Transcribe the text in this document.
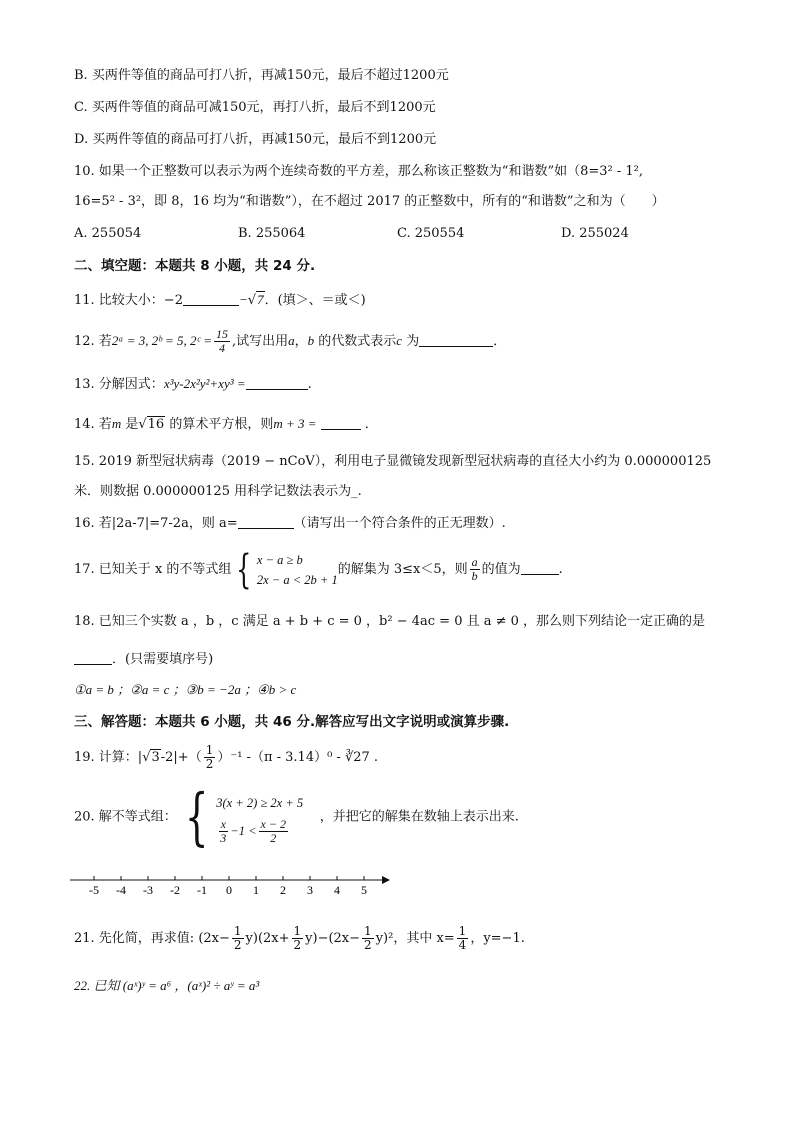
B. 买两件等值的商品可打八折，再减150元，最后不超过1200元
C. 买两件等值的商品可减150元，再打八折，最后不到1200元
D. 买两件等值的商品可打八折，再减150元，最后不到1200元
10. 如果一个正整数可以表示为两个连续奇数的平方差，那么称该正整数为“和谐数”如（8=3² - 1²,
16=5² - 3²，即 8，16 均为“和谐数”），在不超过 2017 的正整数中，所有的“和谐数”之和为（　　）
A. 255054	B. 255064	C. 250554	D. 255024
二、填空题：本题共 8 小题，共 24 分.
11. 比较大小：−2	−√7．(填＞、＝或＜)
12. 若2ᵃ = 3, 2ᵇ = 5, 2ᶜ = $\frac{15}{4}$ ,试写出用a，b 的代数式表示c 为	．
13. 分解因式：x³y-2x²y²+xy³ =	.
14. 若m 是√16 的算术平方根，则m + 3 =	．
15. 2019 新型冠状病毒（2019 − nCoV），利用电子显微镜发现新型冠状病毒的直径大小约为 0.000000125
米．则数据 0.000000125 用科学记数法表示为_.
16. 若|2a-7|=7-2a，则 a=	（请写出一个符合条件的正无理数）.
17. 已知关于 x 的不等式组 { x − a ≥ b
2x − a < 2b + 1
的解集为 3≤x＜5，则 $\frac{a}{b}$ 的值为	.
18. 已知三个实数 a ，b ，c 满足 a + b + c = 0 ，b² − 4ac = 0 且 a ≠ 0 ，那么则下列结论一定正确的是
．(只需要填序号)
①a = b ；②a = c ；③b = −2a ；④b > c
三、解答题：本题共 6 小题，共 46 分.解答应写出文字说明或演算步骤.
19. 计算：$|√3-2|+( \frac{1}{2} )^{-1}$ -（π - 3.14）⁰ - ∛27 .
20. 解不等式组： { 3(x + 2) ≥ 2x + 5
$\frac{x}{3} -1 < \frac{x - 2}{2}$
，并把它的解集在数轴上表示出来.
-5 -4 -3 -2 -1 0 1 2 3 4 5
21. 先化简，再求值: $(2x- \frac{1}{2} y)(2x+ \frac{1}{2} y)-(2x- \frac{1}{2} y)^2$，其中 $x= \frac{1}{4}$ ，y=−1.
22. 已知 (aˣ)ʸ = a⁶ ，(aˣ)² ÷ aʸ = a³
